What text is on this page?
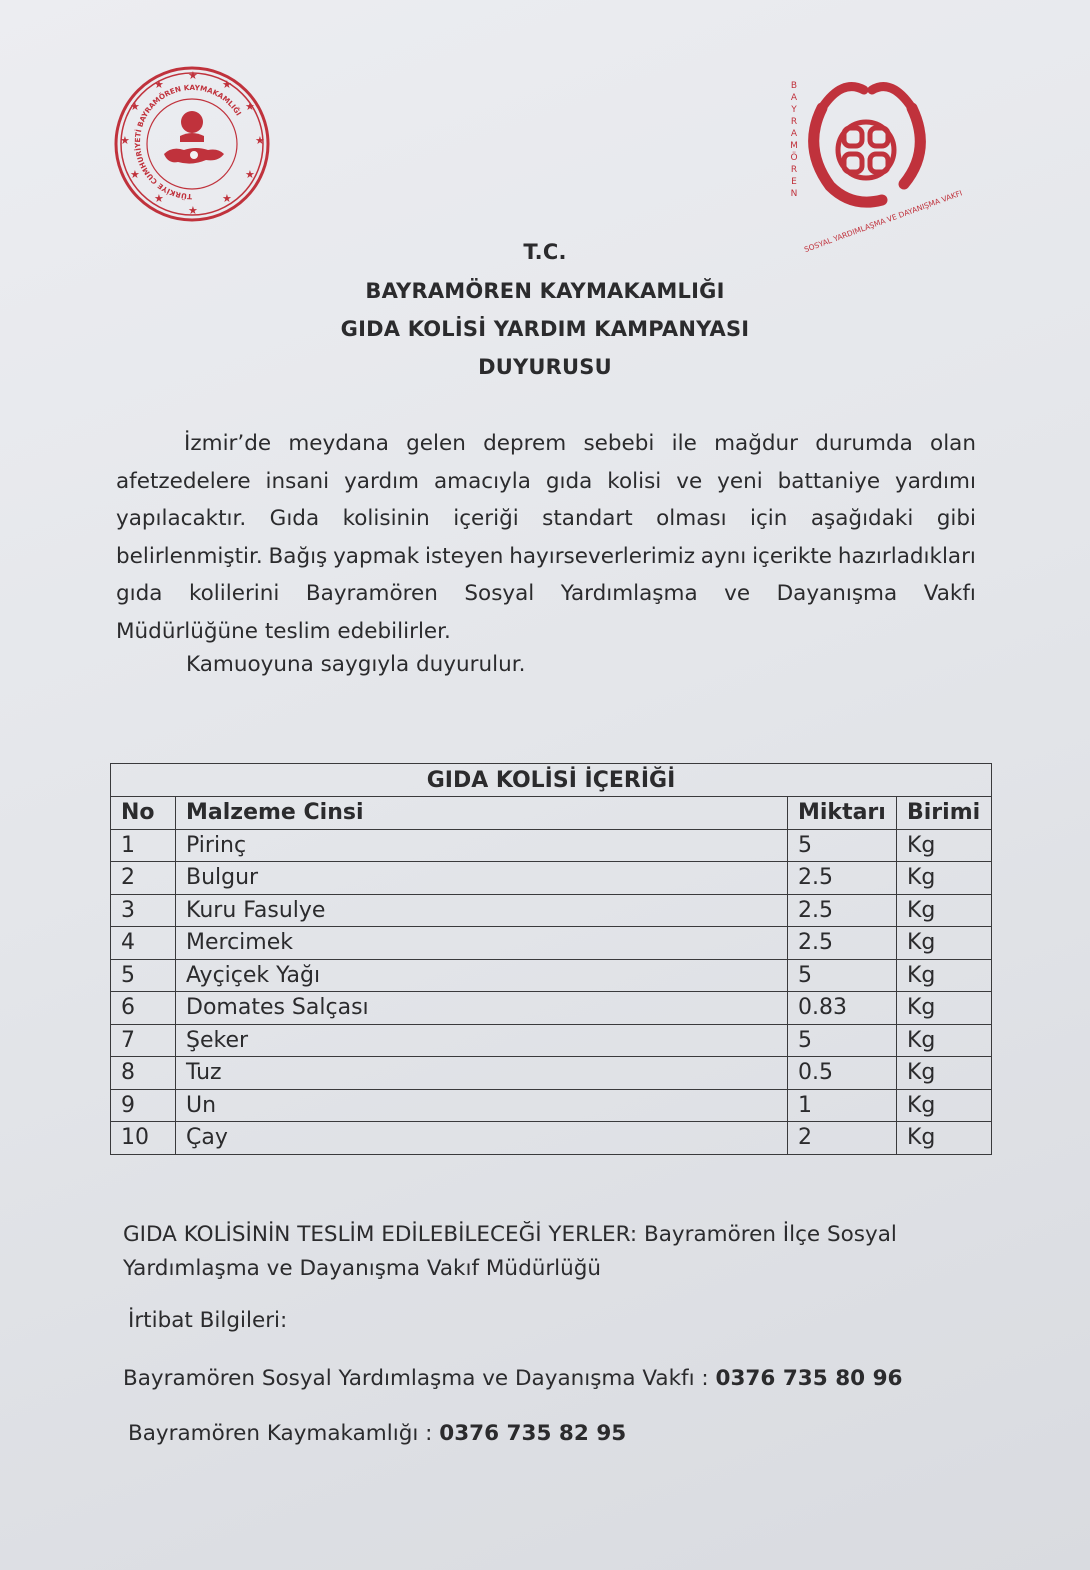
★
★
★
★
★
★
★
★
★
★
★
★
TÜRKİYE CUMHURİYETİ BAYRAMÖREN KAYMAKAMLIĞI
B
A
Y
R
A
M
Ö
R
E
N SOSYAL YARDIMLAŞMA VE DAYANIŞMA VAKFI
T.C.
BAYRAMÖREN KAYMAKAMLIĞI
GIDA KOLİSİ YARDIM KAMPANYASI
DUYURUSU
İzmir’de meydana gelen deprem sebebi ile mağdur durumda olan
afetzedelere insani yardım amacıyla gıda kolisi ve yeni battaniye yardımı
yapılacaktır. Gıda kolisinin içeriği standart olması için aşağıdaki gibi
belirlenmiştir. Bağış yapmak isteyen hayırseverlerimiz aynı içerikte hazırladıkları
gıda kolilerini Bayramören Sosyal Yardımlaşma ve Dayanışma Vakfı
Müdürlüğüne teslim edebilirler.
Kamuoyuna saygıyla duyurulur.
GIDA KOLİSİ İÇERİĞİ			
No	Malzeme Cinsi	Miktarı	Birimi
1	Pirinç	5	Kg
2	Bulgur	2.5	Kg
3	Kuru Fasulye	2.5	Kg
4	Mercimek	2.5	Kg
5	Ayçiçek Yağı	5	Kg
6	Domates Salçası	0.83	Kg
7	Şeker	5	Kg
8	Tuz	0.5	Kg
9	Un	1	Kg
10	Çay	2	Kg
GIDA KOLİSİNİN TESLİM EDİLEBİLECEĞİ YERLER: Bayramören İlçe Sosyal
Yardımlaşma ve Dayanışma Vakıf Müdürlüğü
İrtibat Bilgileri:
Bayramören Sosyal Yardımlaşma ve Dayanışma Vakfı : 0376 735 80 96
Bayramören Kaymakamlığı : 0376 735 82 95
